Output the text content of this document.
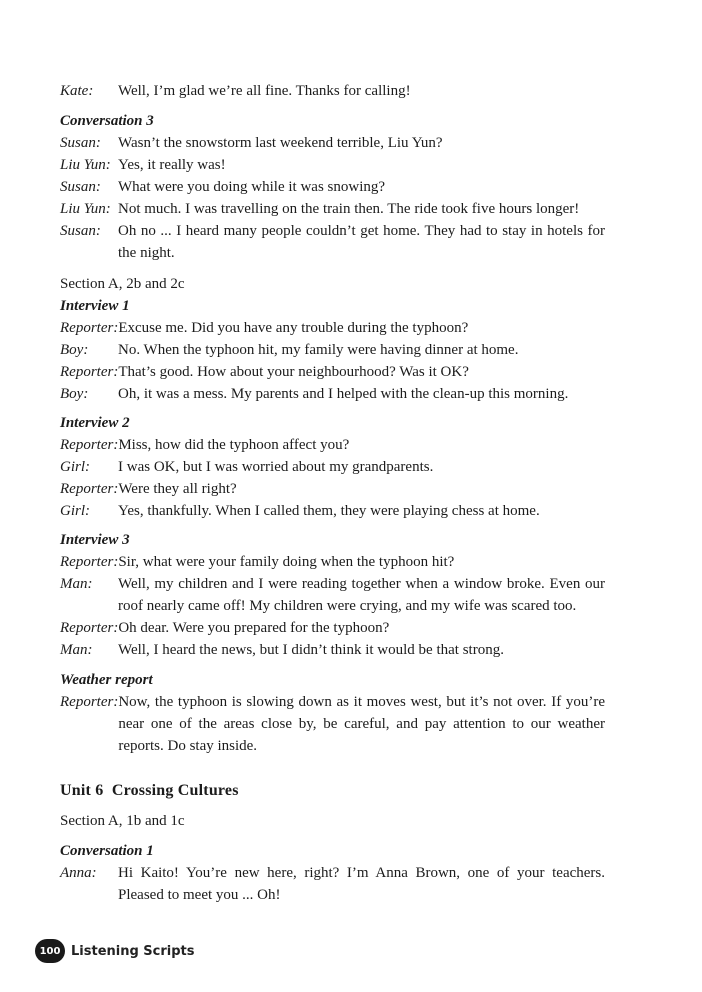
Kate:	Well, I’m glad we’re all fine. Thanks for calling!
Conversation 3
Susan:	Wasn’t the snowstorm last weekend terrible, Liu Yun?
Liu Yun: Yes, it really was!
Susan:	What were you doing while it was snowing?
Liu Yun: Not much. I was travelling on the train then. The ride took five hours longer!
Susan:	Oh no ... I heard many people couldn’t get home. They had to stay in hotels for the night.
Section A, 2b and 2c
Interview 1
Reporter: Excuse me. Did you have any trouble during the typhoon?
Boy:	No. When the typhoon hit, my family were having dinner at home.
Reporter: That’s good. How about your neighbourhood? Was it OK?
Boy:	Oh, it was a mess. My parents and I helped with the clean-up this morning.
Interview 2
Reporter: Miss, how did the typhoon affect you?
Girl:	I was OK, but I was worried about my grandparents.
Reporter: Were they all right?
Girl:	Yes, thankfully. When I called them, they were playing chess at home.
Interview 3
Reporter: Sir, what were your family doing when the typhoon hit?
Man:	Well, my children and I were reading together when a window broke. Even our roof nearly came off! My children were crying, and my wife was scared too.
Reporter: Oh dear. Were you prepared for the typhoon?
Man:	Well, I heard the news, but I didn’t think it would be that strong.
Weather report
Reporter: Now, the typhoon is slowing down as it moves west, but it’s not over. If you’re near one of the areas close by, be careful, and pay attention to our weather reports. Do stay inside.
Unit 6  Crossing Cultures
Section A, 1b and 1c
Conversation 1
Anna:	Hi Kaito! You’re new here, right? I’m Anna Brown, one of your teachers. Pleased to meet you ... Oh!
100 Listening Scripts
